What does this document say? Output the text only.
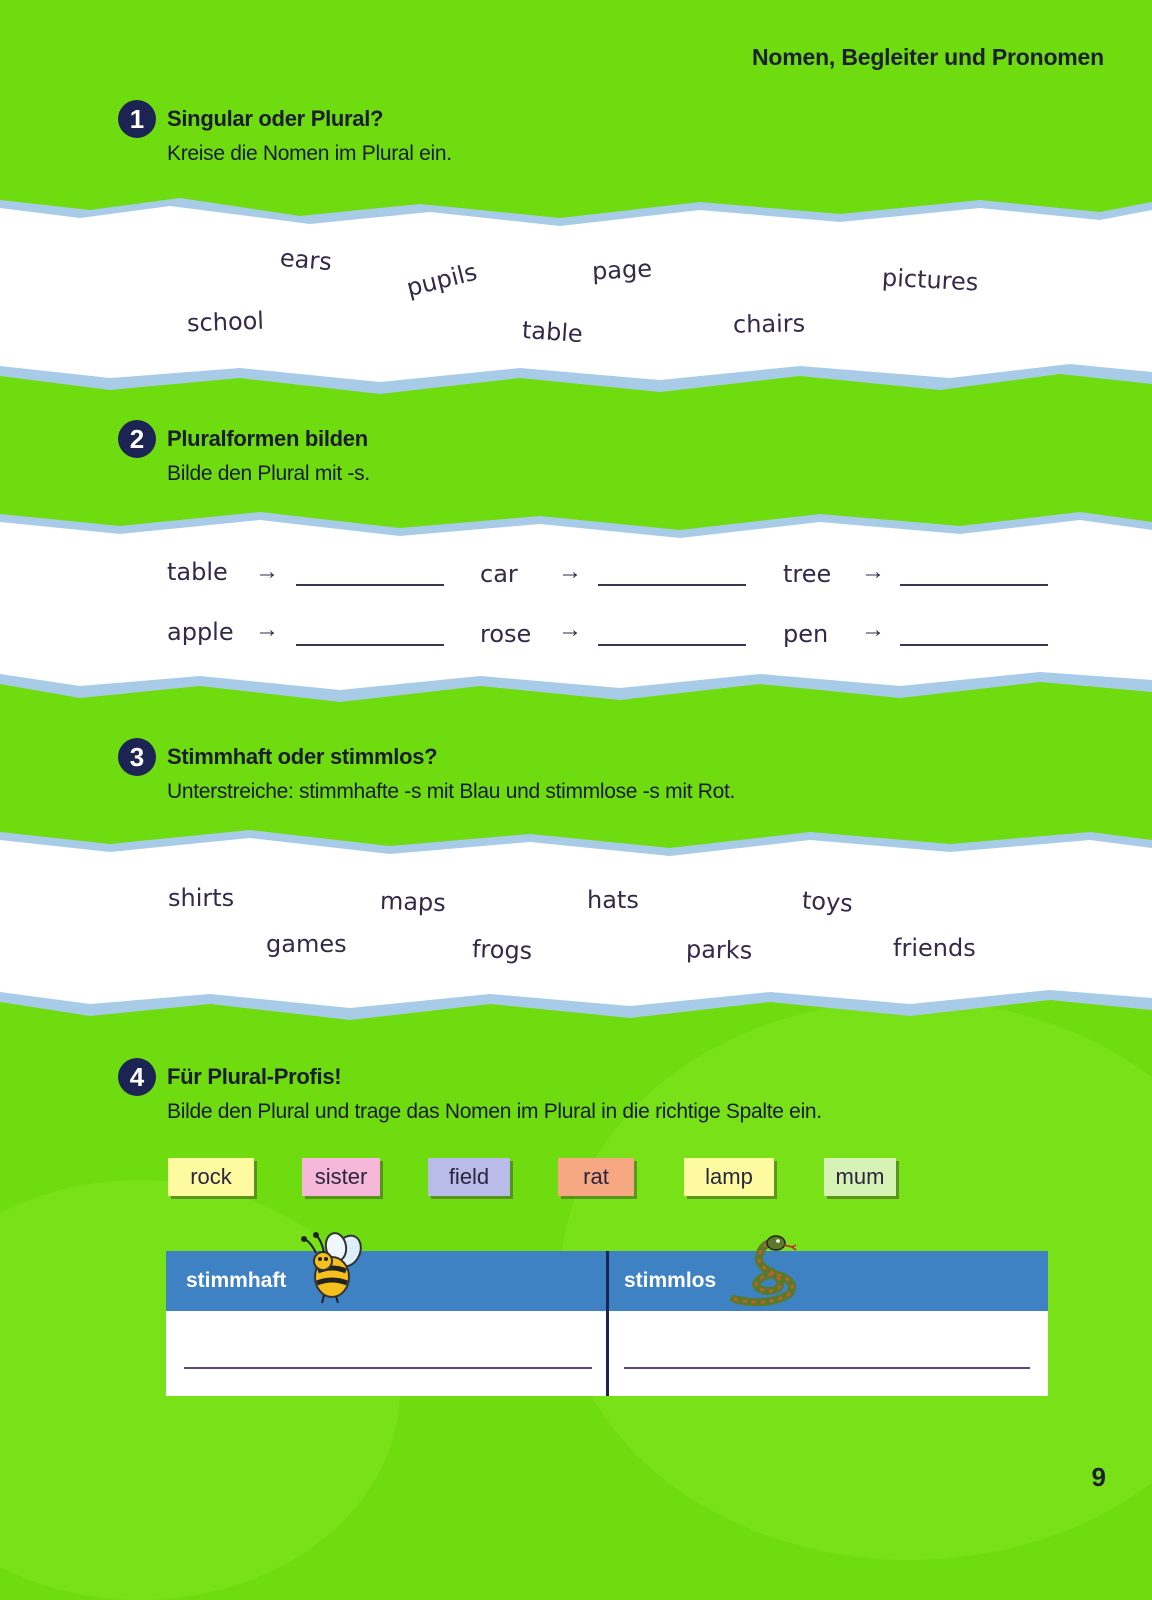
Nomen, Begleiter und Pronomen
1	Singular oder Plural?
Kreise die Nomen im Plural ein.
ears	pupils	page	pictures
school	table	chairs
2	Pluralformen bilden
Bilde den Plural mit -s.
table →	car →	tree →
apple →	rose →	pen →
3	Stimmhaft oder stimmlos?
Unterstreiche: stimmhafte -s mit Blau und stimmlose -s mit Rot.
shirts	maps	hats	toys
games	frogs	parks	friends
4	Für Plural-Profis!
Bilde den Plural und trage das Nomen im Plural in die richtige Spalte ein.
rock	sister	field	rat	lamp	mum
stimmhaft	stimmlos
9
